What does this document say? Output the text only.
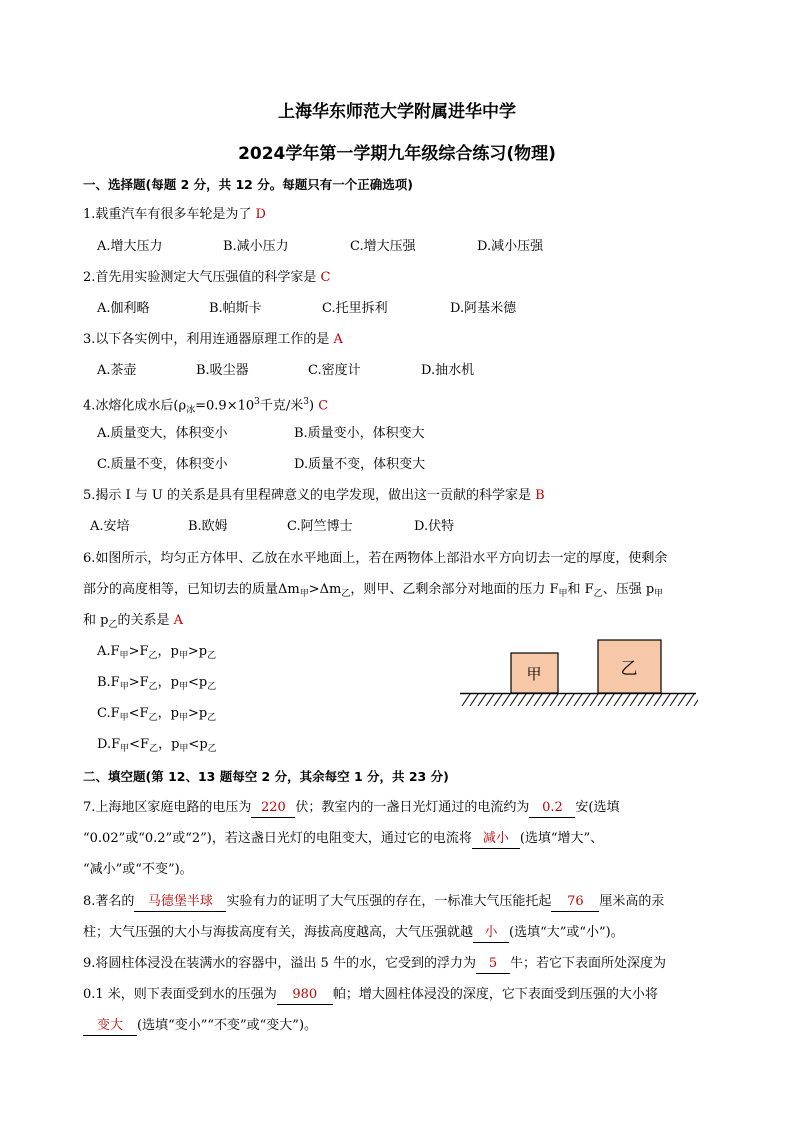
上海华东师范大学附属进华中学
2024学年第一学期九年级综合练习(物理)
一、选择题(每题 2 分，共 12 分。每题只有一个正确选项)
1.载重汽车有很多车轮是为了 D
A.增大压力	B.减小压力	C.增大压强	D.减小压强
2.首先用实验测定大气压强值的科学家是 C
A.伽利略	B.帕斯卡	C.托里拆利	D.阿基米德
3.以下各实例中，利用连通器原理工作的是 A
A.茶壶	B.吸尘器	C.密度计	D.抽水机
4.冰熔化成水后($\rho_冰=0.9\times 10^3$千克/米$^3$) C
A.质量变大，体积变小	B.质量变小，体积变大
C.质量不变，体积变小	D.质量不变，体积变大
5.揭示 I 与 U 的关系是具有里程碑意义的电学发现，做出这一贡献的科学家是 B
A.安培	B.欧姆	C.阿竺博士	D.伏特
6.如图所示，均匀正方体甲、乙放在水平地面上，若在两物体上部沿水平方向切去一定的厚度，使剩余
部分的高度相等，已知切去的质量$\Delta m_甲>\Delta m_乙$，则甲、乙剩余部分对地面的压力 $F_甲$和 $F_乙$、压强 $p_甲$
和 $p_乙$的关系是 A
$A.F_甲>F_乙$，$p_甲>p_乙$
$B.F_甲>F_乙$，$p_甲<p_乙$
$C.F_甲<F_乙$，$p_甲>p_乙$
$D.F_甲<F_乙$，$p_甲<p_乙$
甲	乙
二、填空题(第 12、13 题每空 2 分，其余每空 1 分，共 23 分)
7.上海地区家庭电路的电压为 220 伏；教室内的一盏日光灯通过的电流约为 0.2 安(选填
“0.02”或“0.2”或“2”)，若这盏日光灯的电阻变大，通过它的电流将 减小 (选填“增大”、
“减小”或“不变”)。
8.著名的 马德堡半球 实验有力的证明了大气压强的存在，一标准大气压能托起 76 厘米高的汞
柱；大气压强的大小与海拔高度有关，海拔高度越高，大气压强就越 小 (选填“大”或“小”)。
9.将圆柱体浸没在装满水的容器中，溢出 5 牛的水，它受到的浮力为 5 牛；若它下表面所处深度为
0.1 米，则下表面受到水的压强为 980 帕；增大圆柱体浸没的深度，它下表面受到压强的大小将
变大 (选填“变小”“不变”或“变大”)。
